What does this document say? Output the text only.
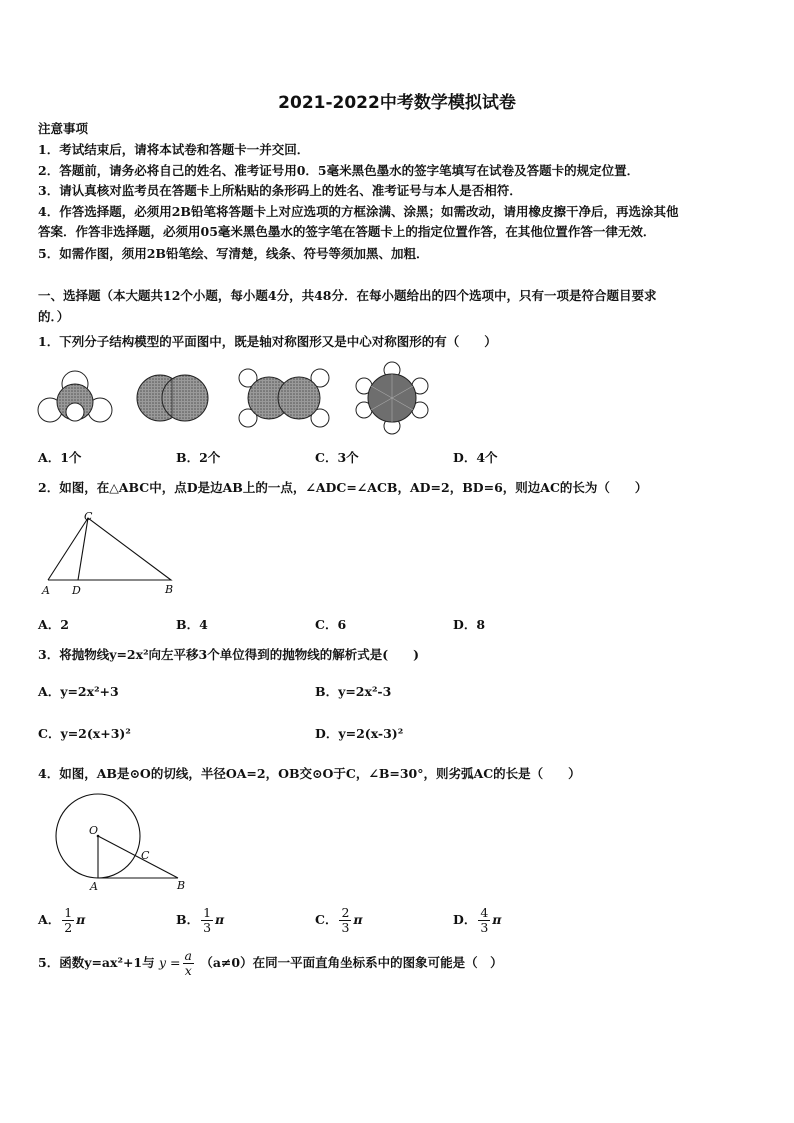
2021-2022中考数学模拟试卷
注意事项
1．考试结束后，请将本试卷和答题卡一并交回．
2．答题前，请务必将自己的姓名、准考证号用0．5毫米黑色墨水的签字笔填写在试卷及答题卡的规定位置．
3．请认真核对监考员在答题卡上所粘贴的条形码上的姓名、准考证号与本人是否相符．
4．作答选择题，必须用2B铅笔将答题卡上对应选项的方框涂满、涂黑；如需改动，请用橡皮擦干净后，再选涂其他
答案．作答非选择题，必须用05毫米黑色墨水的签字笔在答题卡上的指定位置作答，在其他位置作答一律无效．
5．如需作图，须用2B铅笔绘、写清楚，线条、符号等须加黑、加粗．
一、选择题（本大题共12个小题，每小题4分，共48分．在每小题给出的四个选项中，只有一项是符合题目要求
的．）
1．下列分子结构模型的平面图中，既是轴对称图形又是中心对称图形的有（　　）
A．1个	B．2个	C．3个	D．4个
2．如图，在△ABC中，点D是边AB上的一点，∠ADC=∠ACB，AD=2，BD=6，则边AC的长为（　　）
C
A D	B
A．2	B．4	C．6	D．8
3．将抛物线y=2x²向左平移3个单位得到的抛物线的解析式是(　　)
A．y=2x²+3	B．y=2x²-3
C．y=2(x+3)²	D．y=2(x-3)²
4．如图，AB是⊙O的切线，半径OA=2，OB交⊙O于C，∠B=30°，则劣弧AC的长是（　　）
O
A
C
B
A． $\frac{1}{2}$ π	B． $\frac{1}{3}$ π	C． $\frac{2}{3}$ π	D． $\frac{4}{3}$ π
5．函数y=ax²+1与 $y = \frac{a}{x} (a\ne 0)$在同一平面直角坐标系中的图象可能是（　）
